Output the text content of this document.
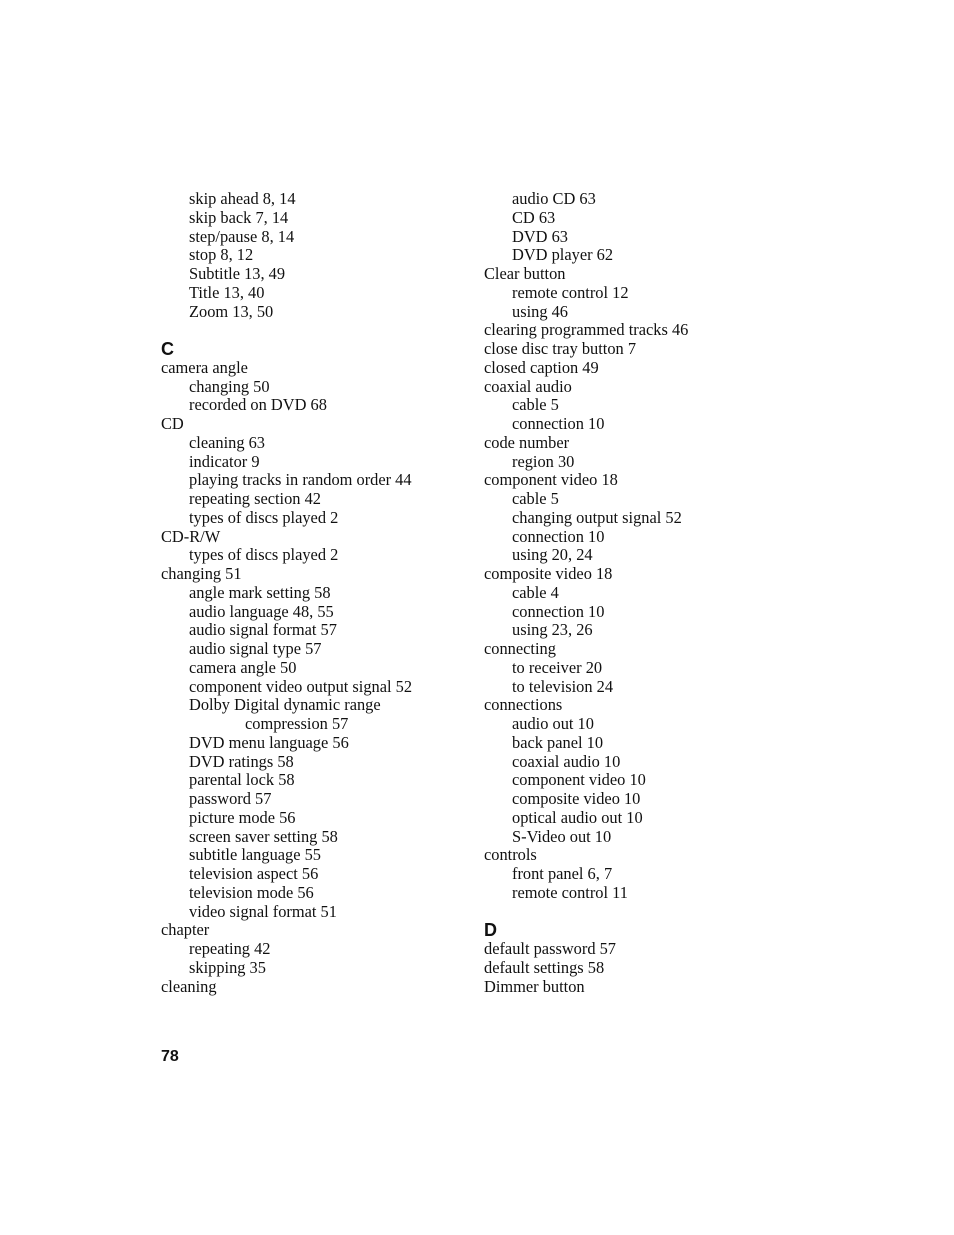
skip ahead 8, 14
skip back 7, 14
step/pause 8, 14
stop 8, 12
Subtitle 13, 49
Title 13, 40
Zoom 13, 50
C
camera angle
changing 50
recorded on DVD 68
CD
cleaning 63
indicator 9
playing tracks in random order 44
repeating section 42
types of discs played 2
CD-R/W
types of discs played 2
changing 51
angle mark setting 58
audio language 48, 55
audio signal format 57
audio signal type 57
camera angle 50
component video output signal 52
Dolby Digital dynamic range
compression 57
DVD menu language 56
DVD ratings 58
parental lock 58
password 57
picture mode 56
screen saver setting 58
subtitle language 55
television aspect 56
television mode 56
video signal format 51
chapter
repeating 42
skipping 35
cleaning
audio CD 63
CD 63
DVD 63
DVD player 62
Clear button
remote control 12
using 46
clearing programmed tracks 46
close disc tray button 7
closed caption 49
coaxial audio
cable 5
connection 10
code number
region 30
component video 18
cable 5
changing output signal 52
connection 10
using 20, 24
composite video 18
cable 4
connection 10
using 23, 26
connecting
to receiver 20
to television 24
connections
audio out 10
back panel 10
coaxial audio 10
component video 10
composite video 10
optical audio out 10
S-Video out 10
controls
front panel 6, 7
remote control 11
D
default password 57
default settings 58
Dimmer button
78
